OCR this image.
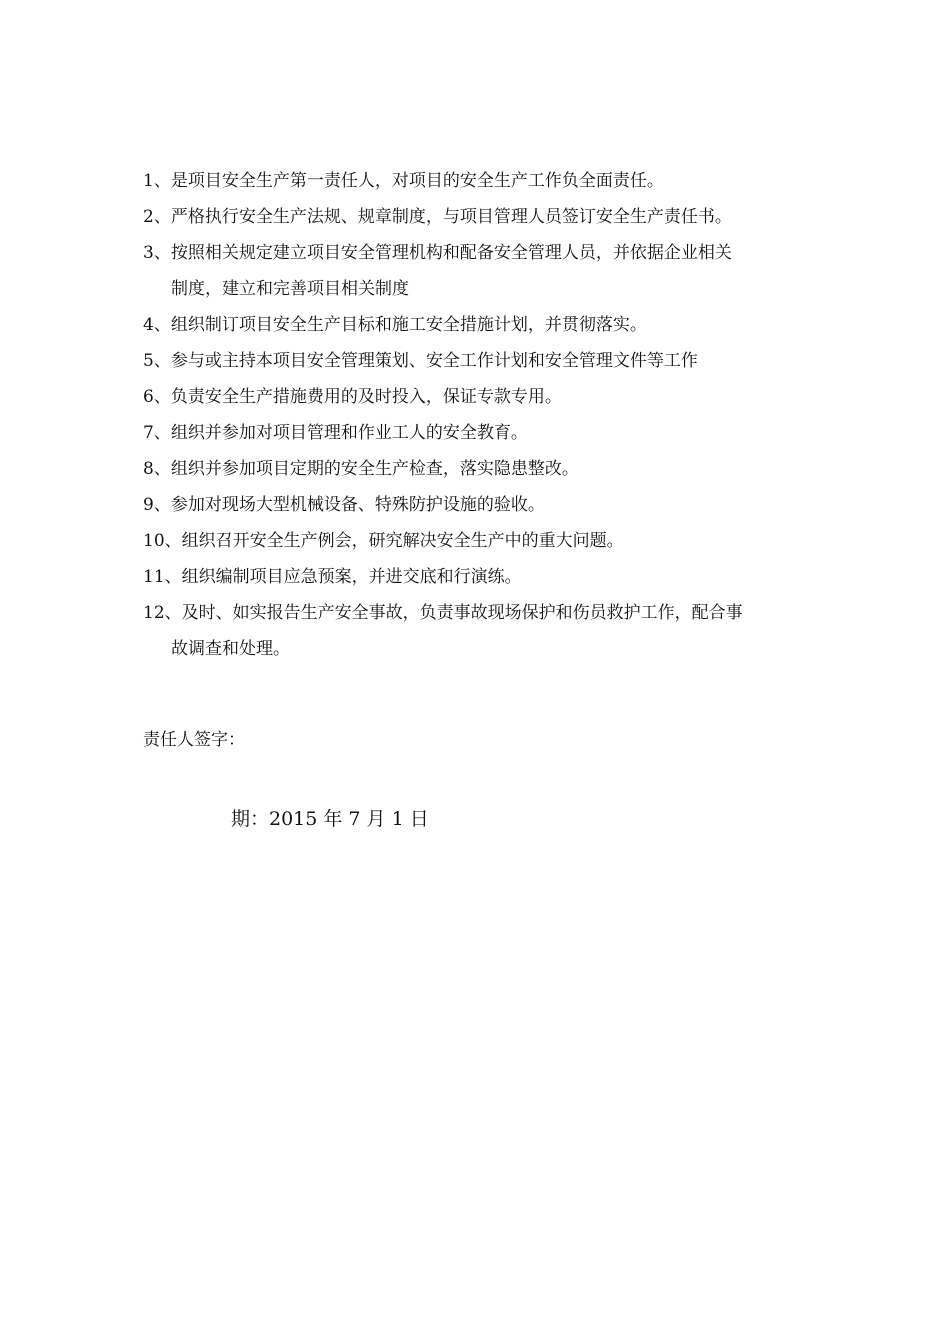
1、是项目安全生产第一责任人，对项目的安全生产工作负全面责任。
2、严格执行安全生产法规、规章制度，与项目管理人员签订安全生产责任书。
3、按照相关规定建立项目安全管理机构和配备安全管理人员，并依据企业相关
制度，建立和完善项目相关制度
4、组织制订项目安全生产目标和施工安全措施计划，并贯彻落实。
5、参与或主持本项目安全管理策划、安全工作计划和安全管理文件等工作
6、负责安全生产措施费用的及时投入，保证专款专用。
7、组织并参加对项目管理和作业工人的安全教育。
8、组织并参加项目定期的安全生产检查，落实隐患整改。
9、参加对现场大型机械设备、特殊防护设施的验收。
10、组织召开安全生产例会，研究解决安全生产中的重大问题。
11、组织编制项目应急预案，并进交底和行演练。
12、及时、如实报告生产安全事故，负责事故现场保护和伤员救护工作，配合事
故调查和处理。
责任人签字：
期：2015 年 7 月 1 日
